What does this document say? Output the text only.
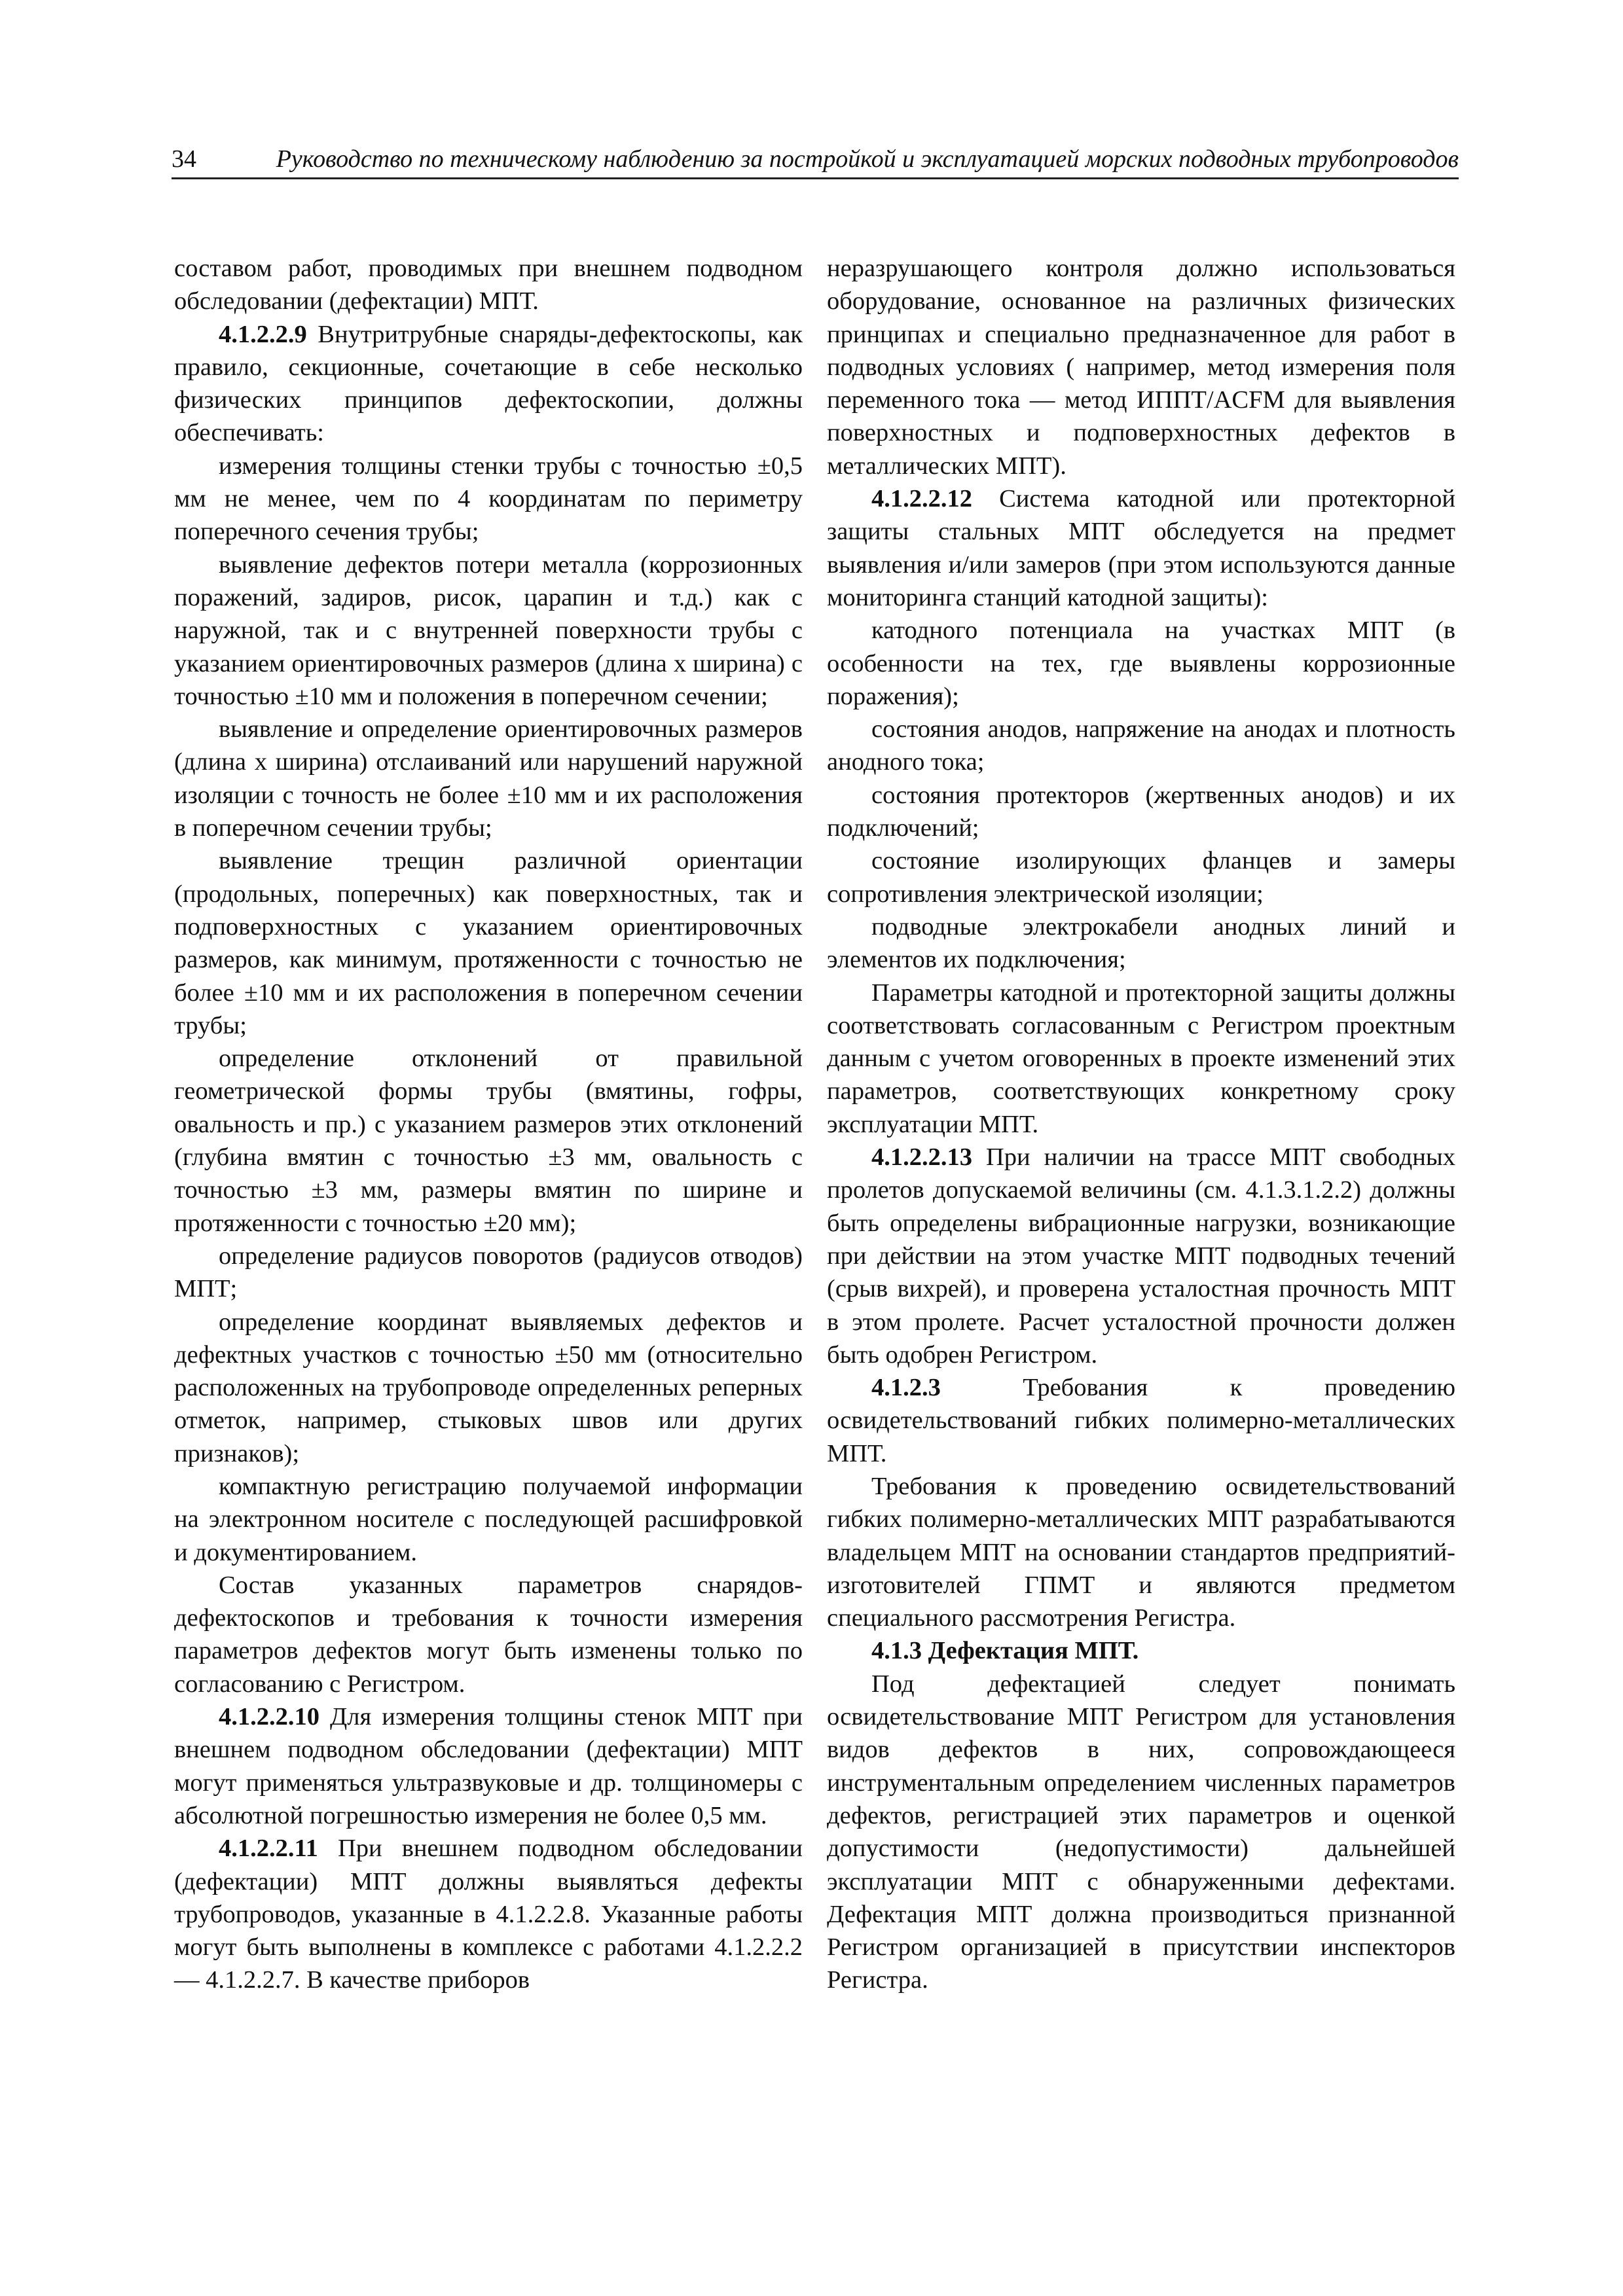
34	Руководство по техническому наблюдению за постройкой и эксплуатацией морских подводных трубопроводов

составом работ, проводимых при внешнем подводном обследовании (дефектации) МПТ.

4.1.2.2.9 Внутритрубные снаряды-дефектоскопы, как правило, секционные, сочетающие в себе несколько физических принципов дефектоскопии, должны обеспечивать:

измерения толщины стенки трубы с точностью ±0,5 мм не менее, чем по 4 координатам по периметру поперечного сечения трубы;

выявление дефектов потери металла (коррозионных поражений, задиров, рисок, царапин и т.д.) как с наружной, так и с внутренней поверхности трубы с указанием ориентировочных размеров (длина х ширина) с точностью ±10 мм и положения в поперечном сечении;

выявление и определение ориентировочных размеров (длина х ширина) отслаиваний или нарушений наружной изоляции с точность не более ±10 мм и их расположения в поперечном сечении трубы;

выявление трещин различной ориентации (продольных, поперечных) как поверхностных, так и подповерхностных с указанием ориентировочных размеров, как минимум, протяженности с точностью не более ±10 мм и их расположения в поперечном сечении трубы;

определение отклонений от правильной геометрической формы трубы (вмятины, гофры, овальность и пр.) с указанием размеров этих отклонений (глубина вмятин с точностью ±3 мм, овальность с точностью ±3 мм, размеры вмятин по ширине и протяженности с точностью ±20 мм);

определение радиусов поворотов (радиусов отводов) МПТ;

определение координат выявляемых дефектов и дефектных участков с точностью ±50 мм (относительно расположенных на трубопроводе определенных реперных отметок, например, стыковых швов или других признаков);

компактную регистрацию получаемой информации на электронном носителе с последующей расшифровкой и документированием.

Состав указанных параметров снарядов-дефектоскопов и требования к точности измерения параметров дефектов могут быть изменены только по согласованию с Регистром.

4.1.2.2.10 Для измерения толщины стенок МПТ при внешнем подводном обследовании (дефектации) МПТ могут применяться ультразвуковые и др. толщиномеры с абсолютной погрешностью измерения не более 0,5 мм.

4.1.2.2.11 При внешнем подводном обследовании (дефектации) МПТ должны выявляться дефекты трубопроводов, указанные в 4.1.2.2.8. Указанные работы могут быть выполнены в комплексе с работами 4.1.2.2.2 — 4.1.2.2.7. В качестве приборов

неразрушающего контроля должно использоваться оборудование, основанное на различных физических принципах и специально предназначенное для работ в подводных условиях ( например, метод измерения поля переменного тока — метод ИППТ/ACFM для выявления поверхностных и подповерхностных дефектов в металлических МПТ).

4.1.2.2.12 Система катодной или протекторной защиты стальных МПТ обследуется на предмет выявления и/или замеров (при этом используются данные мониторинга станций катодной защиты):

катодного потенциала на участках МПТ (в особенности на тех, где выявлены коррозионные поражения);

состояния анодов, напряжение на анодах и плотность анодного тока;

состояния протекторов (жертвенных анодов) и их подключений;

состояние изолирующих фланцев и замеры сопротивления электрической изоляции;

подводные электрокабели анодных линий и элементов их подключения;

Параметры катодной и протекторной защиты должны соответствовать согласованным с Регистром проектным данным с учетом оговоренных в проекте изменений этих параметров, соответствующих конкретному сроку эксплуатации МПТ.

4.1.2.2.13 При наличии на трассе МПТ свободных пролетов допускаемой величины (см. 4.1.3.1.2.2) должны быть определены вибрационные нагрузки, возникающие при действии на этом участке МПТ подводных течений (срыв вихрей), и проверена усталостная прочность МПТ в этом пролете. Расчет усталостной прочности должен быть одобрен Регистром.

4.1.2.3 Требования к проведению освидетельствований гибких полимерно-металлических МПТ.

Требования к проведению освидетельствований гибких полимерно-металлических МПТ разрабатываются владельцем МПТ на основании стандартов предприятий-изготовителей ГПМТ и являются предметом специального рассмотрения Регистра.

4.1.3 Дефектация МПТ.

Под дефектацией следует понимать освидетельствование МПТ Регистром для установления видов дефектов в них, сопровождающееся инструментальным определением численных параметров дефектов, регистрацией этих параметров и оценкой допустимости (недопустимости) дальнейшей эксплуатации МПТ с обнаруженными дефектами. Дефектация МПТ должна производиться признанной Регистром организацией в присутствии инспекторов Регистра.
